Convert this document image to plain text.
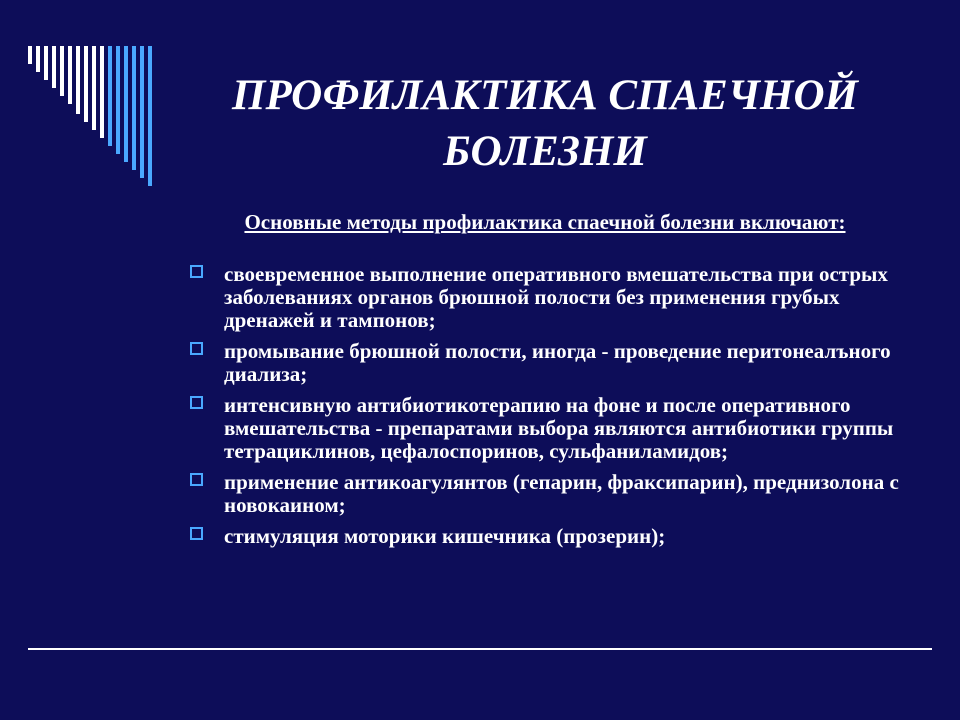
ПРОФИЛАКТИКА СПАЕЧНОЙ
БОЛЕЗНИ
Основные методы профилактика спаечной болезни включают:
своевременное выполнение оперативного вмешательства при острых заболеваниях органов брюшной полости без применения грубых дренажей и тампонов;
промывание брюшной полости, иногда - проведение перитонеалъного диализа;
интенсивную антибиотикотерапию на фоне и после оперативного вмешательства - препаратами выбора являются антибиотики группы тетрациклинов, цефалоспоринов, сульфаниламидов;
применение антикоагулянтов (гепарин, фраксипарин), преднизолона с новокаином;
стимуляция моторики кишечника (прозерин);
